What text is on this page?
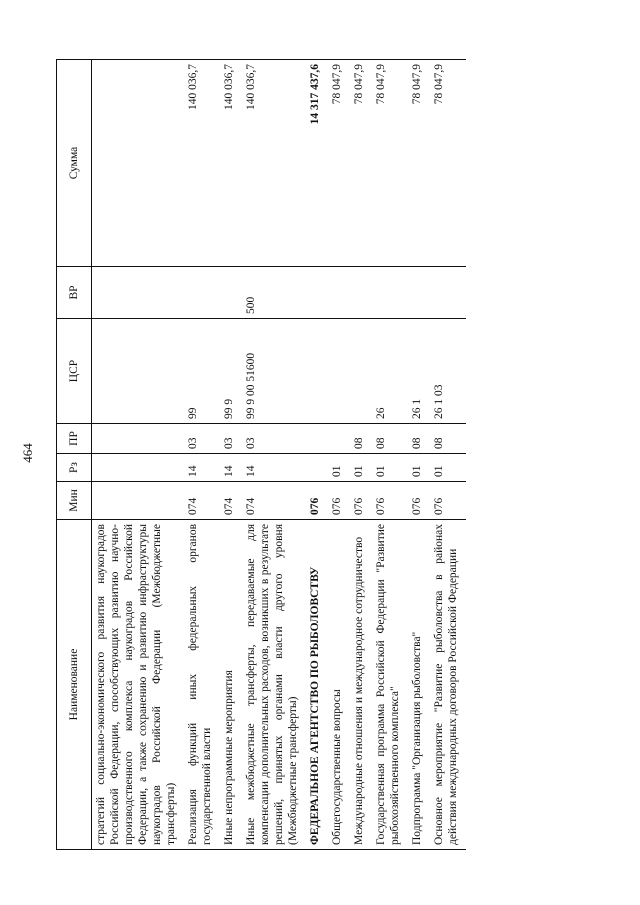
464
Наименование	Мин	Рз	ПР	ЦСР	ВР	Сумма
стратегий социально-экономического развития наукоградов Российской Федерации, способствующих развитию научно-производственного комплекса наукоградов Российской Федерации, а также сохранению и развитию инфраструктуры наукоградов Российской Федерации (Межбюджетные трансферты)						
Реализация функций иных федеральных органов государственной власти	074	14	03	99		140 036,7
Иные непрограммные мероприятия	074	14	03	99 9		140 036,7
Иные межбюджетные трансферты, передаваемые для компенсации дополнительных расходов, возникших в результате решений, принятых органами власти другого уровня (Межбюджетные трансферты)	074	14	03	99 9 00 51600	500	140 036,7
ФЕДЕРАЛЬНОЕ АГЕНТСТВО ПО РЫБОЛОВСТВУ	076					14 317 437,6
Общегосударственные вопросы	076	01				78 047,9
Международные отношения и международное сотрудничество	076	01	08			78 047,9
Государственная программа Российской Федерации "Развитие рыбохозяйственного комплекса"	076	01	08	26		78 047,9
Подпрограмма "Организация рыболовства"	076	01	08	26 1		78 047,9
Основное мероприятие "Развитие рыболовства в районах действия международных договоров Российской Федерации	076	01	08	26 1 03		78 047,9
